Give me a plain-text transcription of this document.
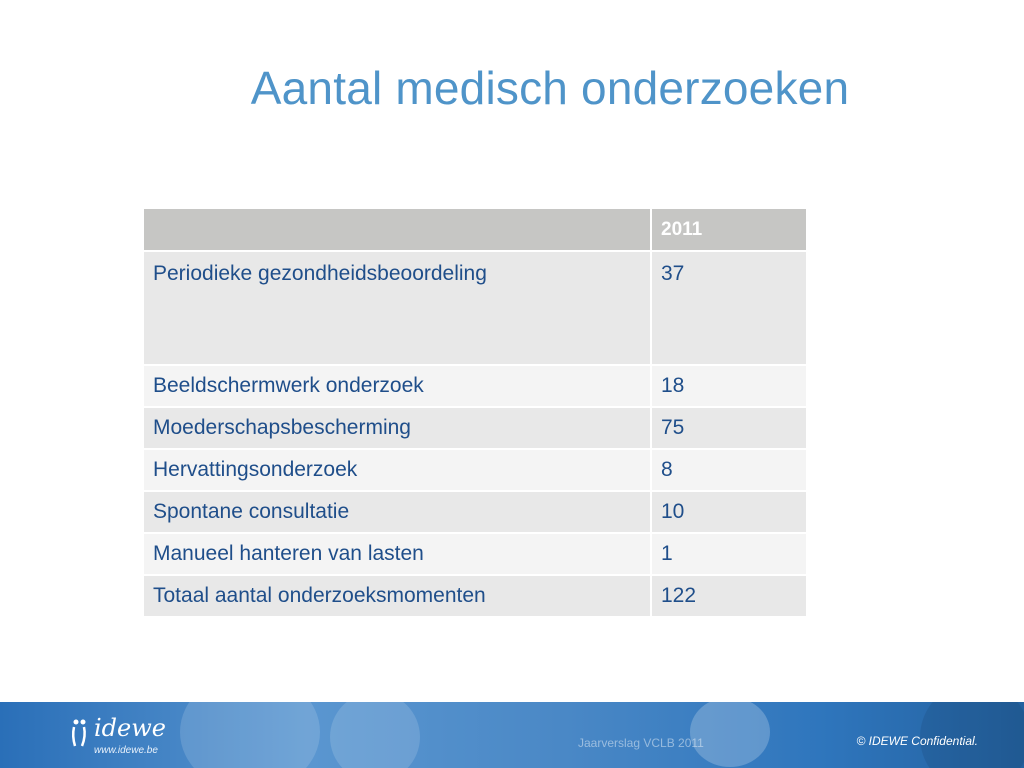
Aantal medisch onderzoeken
	2011
Periodieke gezondheidsbeoordeling	37
Beeldschermwerk onderzoek	18
Moederschapsbescherming	75
Hervattingsonderzoek	8
Spontane consultatie	10
Manueel hanteren van lasten	1
Totaal aantal onderzoeksmomenten	122
idewe
www.idewe.be
Jaarverslag VCLB 2011	© IDEWE Confidential.
